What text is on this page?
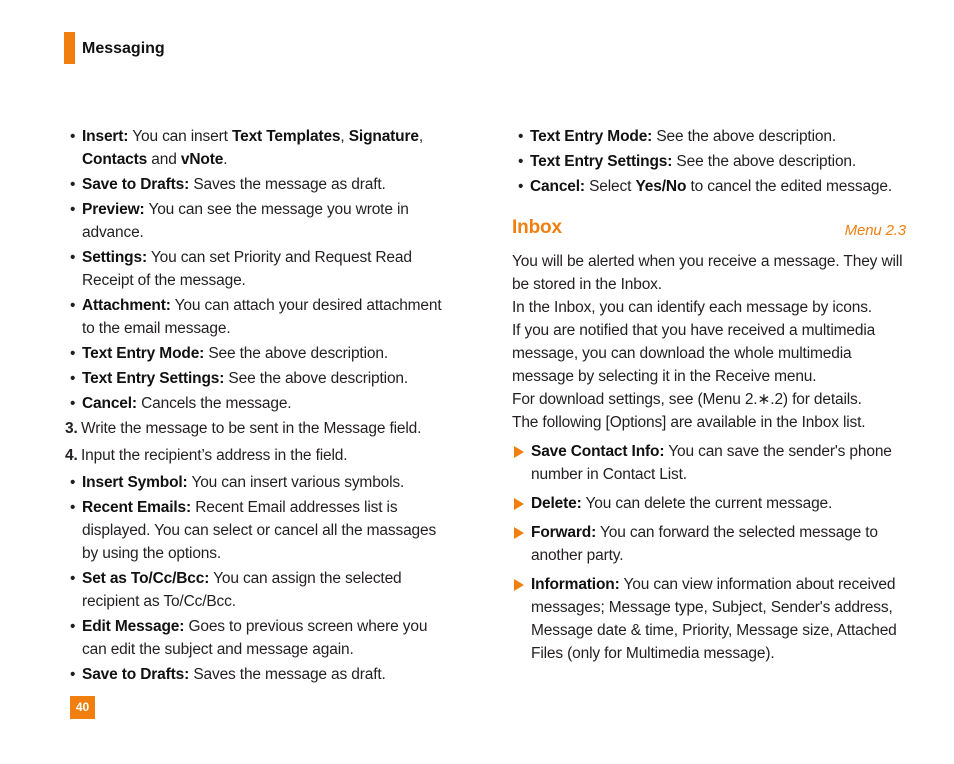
Messaging
• Insert: You can insert Text Templates, Signature, Contacts and vNote.
• Save to Drafts: Saves the message as draft.
• Preview: You can see the message you wrote in advance.
• Settings: You can set Priority and Request Read Receipt of the message.
• Attachment: You can attach your desired attachment to the email message.
• Text Entry Mode: See the above description.
• Text Entry Settings: See the above description.
• Cancel: Cancels the message.
3. Write the message to be sent in the Message field.
4. Input the recipient’s address in the field.
• Insert Symbol: You can insert various symbols.
• Recent Emails: Recent Email addresses list is displayed. You can select or cancel all the massages by using the options.
• Set as To/Cc/Bcc: You can assign the selected recipient as To/Cc/Bcc.
• Edit Message: Goes to previous screen where you can edit the subject and message again.
• Save to Drafts: Saves the message as draft.
• Text Entry Mode: See the above description.
• Text Entry Settings: See the above description.
• Cancel: Select Yes/No to cancel the edited message.
Inbox	Menu 2.3

You will be alerted when you receive a message. They will be stored in the Inbox.

In the Inbox, you can identify each message by icons.

If you are notified that you have received a multimedia message, you can download the whole multimedia message by selecting it in the Receive menu.

For download settings, see (Menu 2.∗.2) for details.

The following [Options] are available in the Inbox list.

Save Contact Info: You can save the sender's phone number in Contact List.
Delete: You can delete the current message.
Forward: You can forward the selected message to another party.
Information: You can view information about received messages; Message type, Subject, Sender's address, Message date & time, Priority, Message size, Attached Files (only for Multimedia message).
40
